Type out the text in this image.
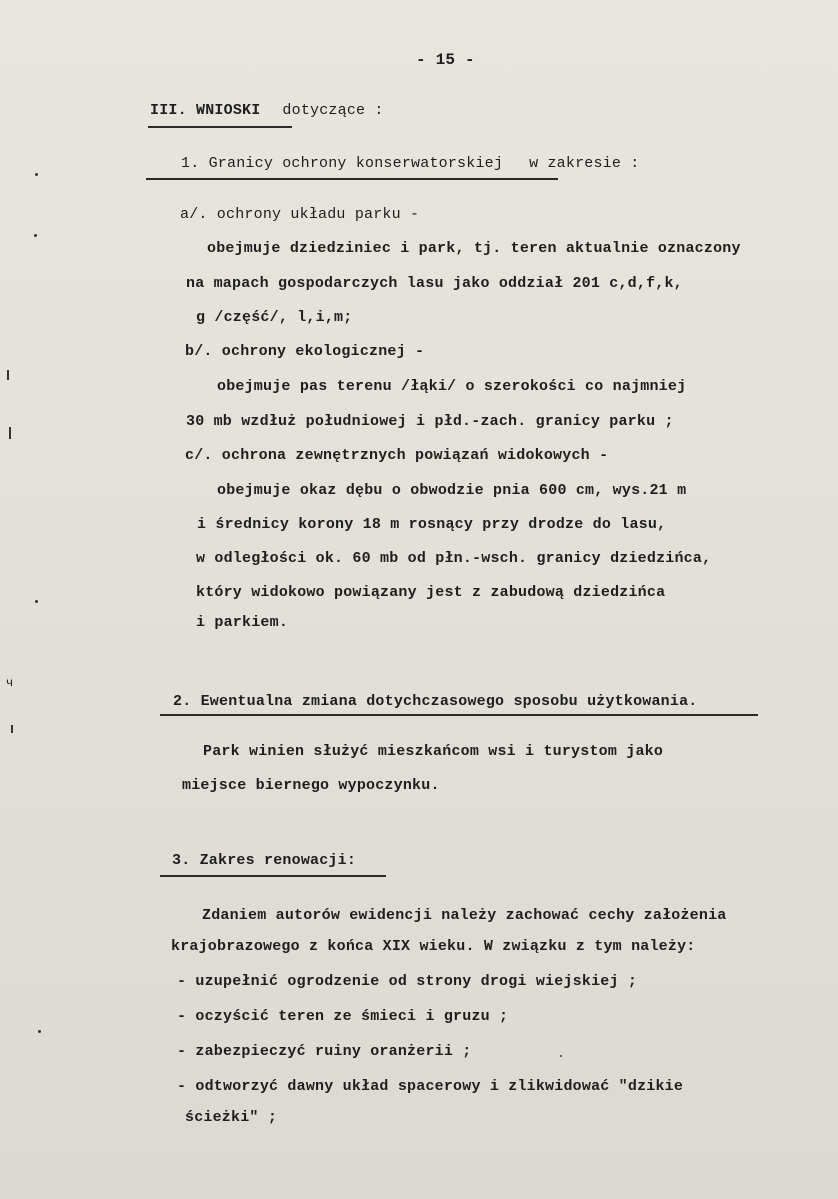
- 15 -
III. WNIOSKI dotyczące :
1. Granicy ochrony konserwatorskiej w zakresie :
a/. ochrony układu parku -
obejmuje dziedziniec i park, tj. teren aktualnie oznaczony
na mapach gospodarczych lasu jako oddział 201 c,d,f,k,
g /część/, l,i,m;
b/. ochrony ekologicznej -
obejmuje pas terenu /łąki/ o szerokości co najmniej
30 mb wzdłuż południowej i płd.-zach. granicy parku ;
c/. ochrona zewnętrznych powiązań widokowych -
obejmuje okaz dębu o obwodzie pnia 600 cm, wys.21 m
i średnicy korony 18 m rosnący przy drodze do lasu,
w odległości ok. 60 mb od płn.-wsch. granicy dziedzińca,
który widokowo powiązany jest z zabudową dziedzińca
i parkiem.
2. Ewentualna zmiana dotychczasowego sposobu użytkowania.
Park winien służyć mieszkańcom wsi i turystom jako
miejsce biernego wypoczynku.
3. Zakres renowacji:
Zdaniem autorów ewidencji należy zachować cechy założenia
krajobrazowego z końca XIX wieku. W związku z tym należy:
- uzupełnić ogrodzenie od strony drogi wiejskiej ;
- oczyścić teren ze śmieci i gruzu ;
- zabezpieczyć ruiny oranżerii ;
- odtworzyć dawny układ spacerowy i zlikwidować "dzikie
ścieżki" ;
ч
